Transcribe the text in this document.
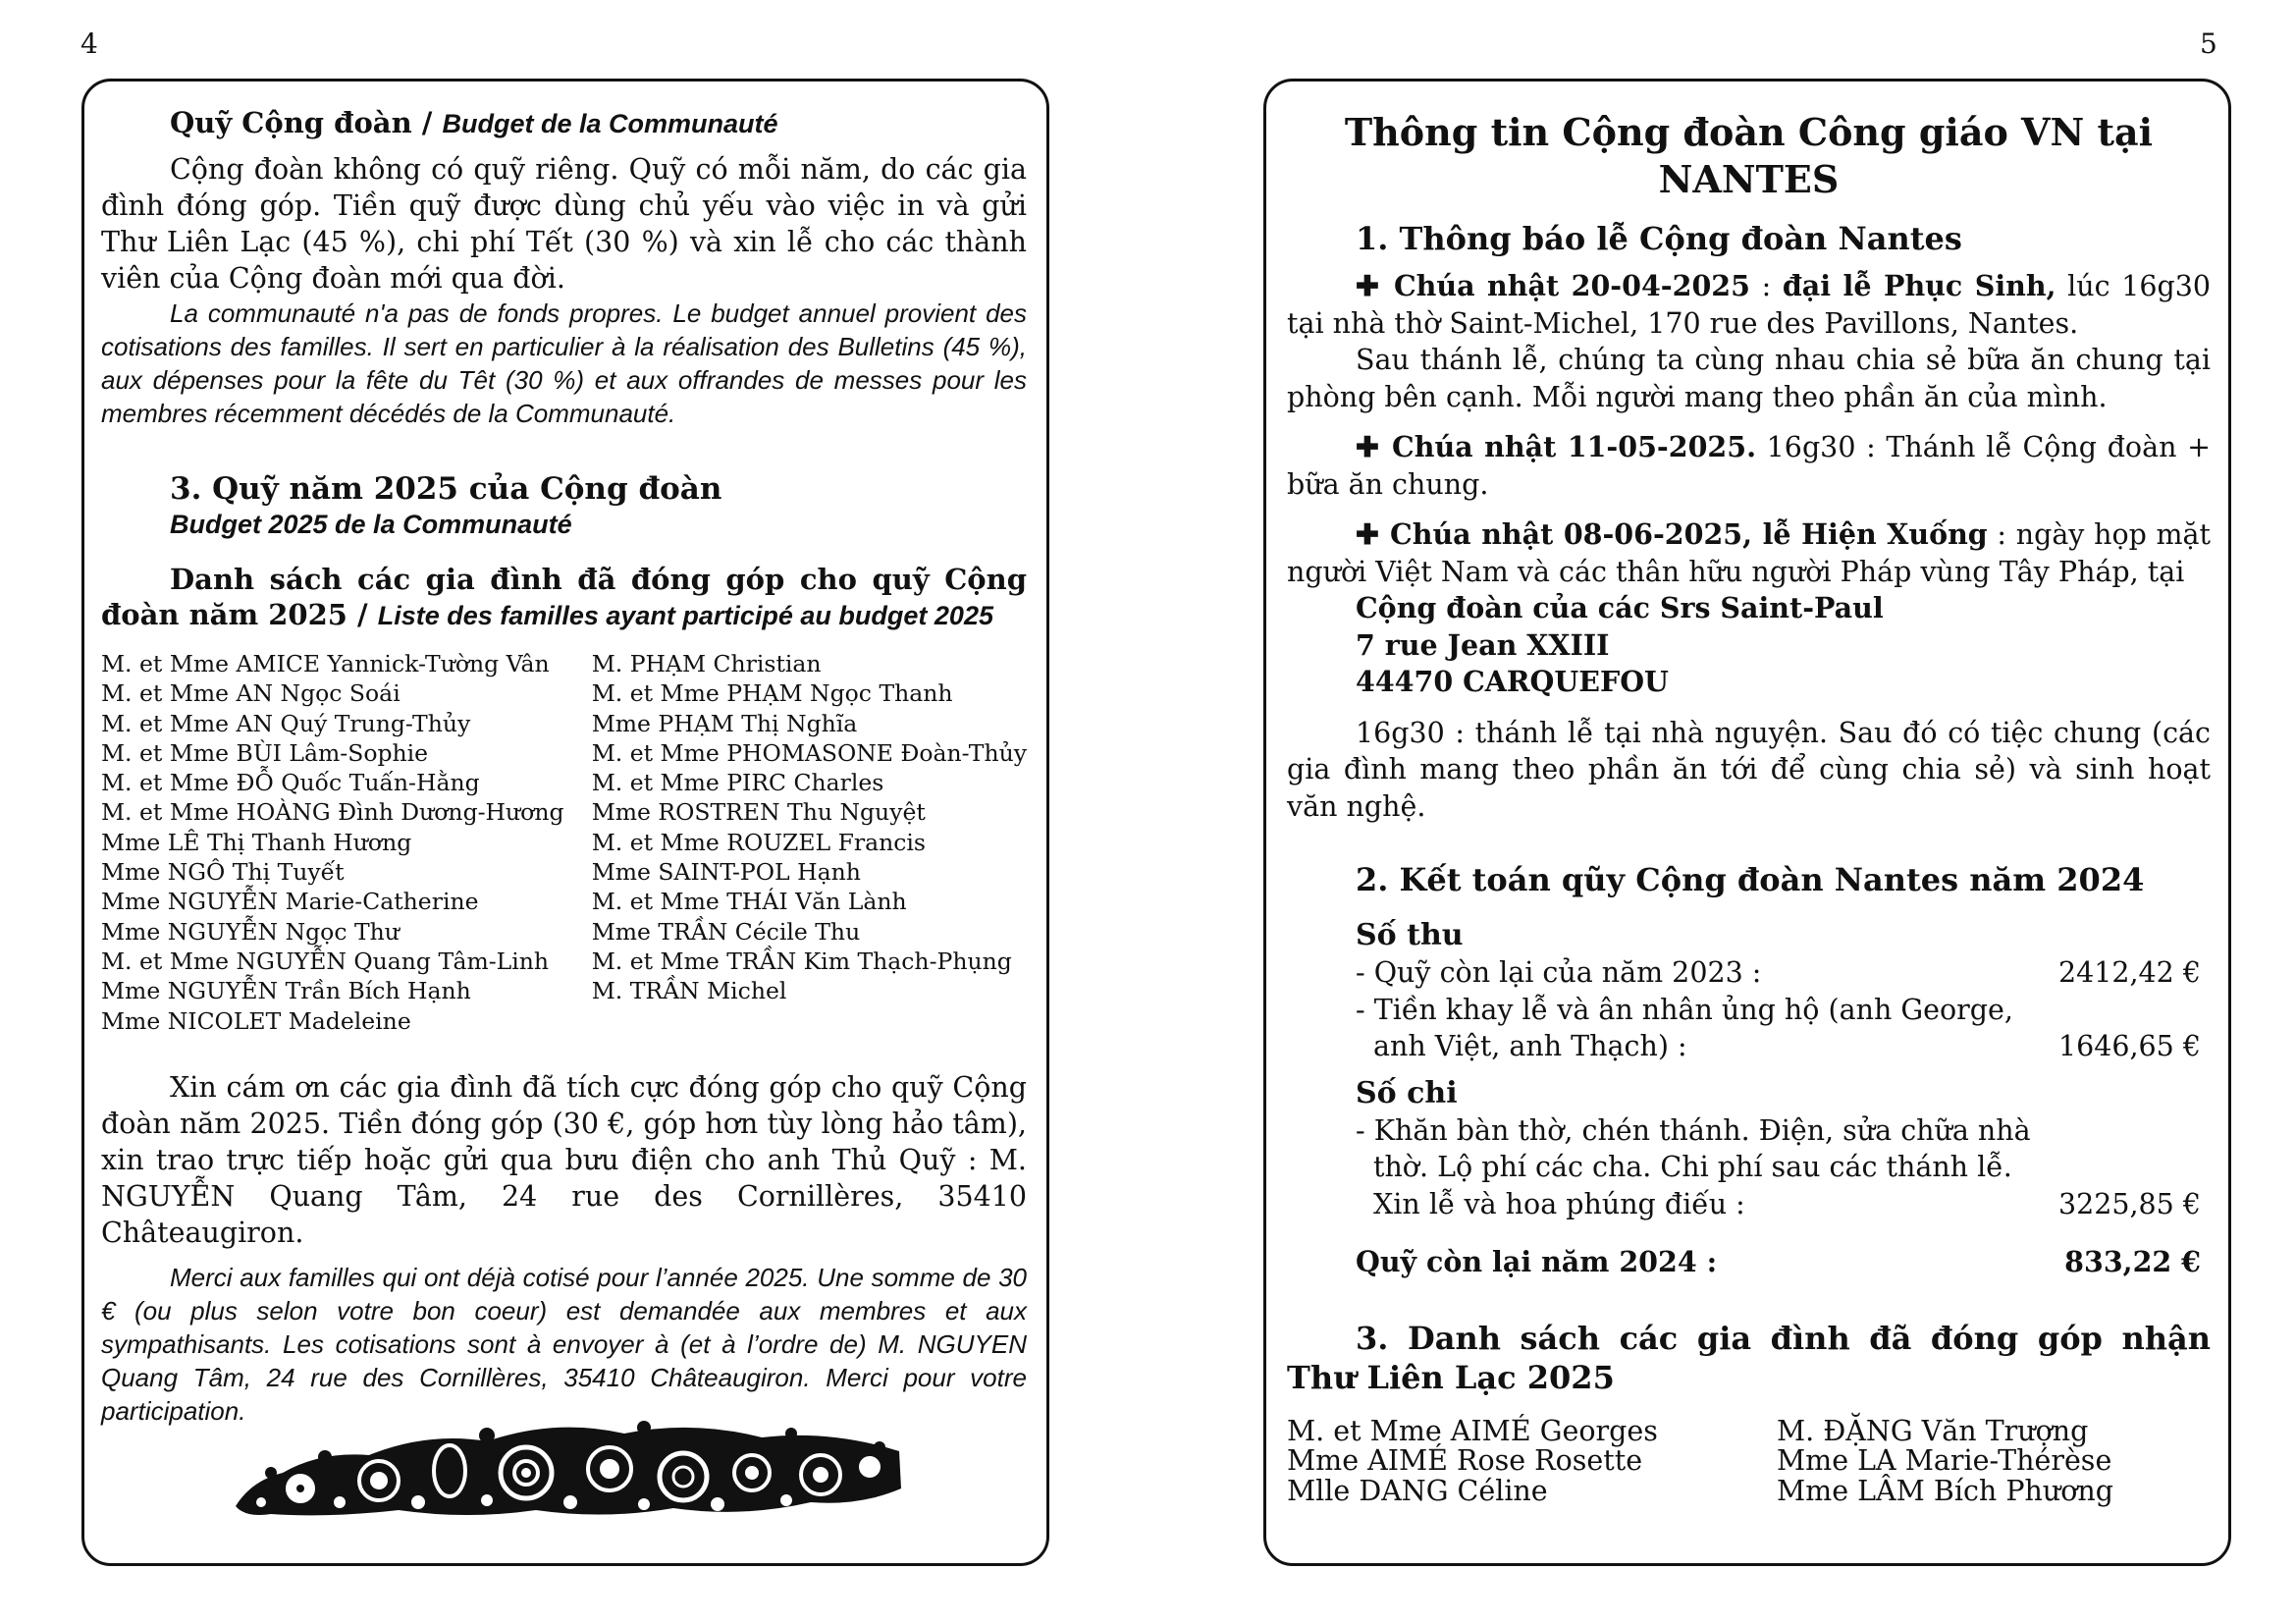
4	5
Quỹ Cộng đoàn / Budget de la Communauté

Cộng đoàn không có quỹ riêng. Quỹ có mỗi năm, do các gia đình đóng góp. Tiền quỹ được dùng chủ yếu vào việc in và gửi Thư Liên Lạc (45 %), chi phí Tết (30 %) và xin lễ cho các thành viên của Cộng đoàn mới qua đời.

La communauté n'a pas de fonds propres. Le budget annuel provient des cotisations des familles. Il sert en particulier à la réalisation des Bulletins (45 %), aux dépenses pour la fête du Têt (30 %) et aux offrandes de messes pour les membres récemment décédés de la Communauté.

3. Quỹ năm 2025 của Cộng đoàn
Budget 2025 de la Communauté
Danh sách các gia đình đã đóng góp cho quỹ Cộng đoàn năm 2025 / Liste des familles ayant participé au budget 2025
M. et Mme AMICE Yannick-Tường Vân
M. et Mme AN Ngọc Soái
M. et Mme AN Quý Trung-Thủy
M. et Mme BÙI Lâm-Sophie
M. et Mme ĐỖ Quốc Tuấn-Hằng
M. et Mme HOÀNG Đình Dương-Hương
Mme LÊ Thị Thanh Hương
Mme NGÔ Thị Tuyết
Mme NGUYỄN Marie-Catherine
Mme NGUYỄN Ngọc Thư
M. et Mme NGUYỄN Quang Tâm-Linh
Mme NGUYỄN Trần Bích Hạnh
Mme NICOLET Madeleine
M. PHẠM Christian
M. et Mme PHẠM Ngọc Thanh
Mme PHẠM Thị Nghĩa
M. et Mme PHOMASONE Đoàn-Thủy
M. et Mme PIRC Charles
Mme ROSTREN Thu Nguyệt
M. et Mme ROUZEL Francis
Mme SAINT-POL Hạnh
M. et Mme THÁI Văn Lành
Mme TRẦN Cécile Thu
M. et Mme TRẦN Kim Thạch-Phụng
M. TRẦN Michel

Xin cám ơn các gia đình đã tích cực đóng góp cho quỹ Cộng đoàn năm 2025. Tiền đóng góp (30 €, góp hơn tùy lòng hảo tâm), xin trao trực tiếp hoặc gửi qua bưu điện cho anh Thủ Quỹ : M. NGUYỄN Quang Tâm, 24 rue des Cornillères, 35410 Châteaugiron.

Merci aux familles qui ont déjà cotisé pour l’année 2025. Une somme de 30 € (ou plus selon votre bon coeur) est demandée aux membres et aux sympathisants. Les cotisations sont à envoyer à (et à l’ordre de) M. NGUYEN Quang Tâm, 24 rue des Cornillères, 35410 Châteaugiron. Merci pour votre participation.

Thông tin Cộng đoàn Công giáo VN tại NANTES

1. Thông báo lễ Cộng đoàn Nantes

✚ Chúa nhật 20-04-2025 : đại lễ Phục Sinh, lúc 16g30 tại nhà thờ Saint-Michel, 170 rue des Pavillons, Nantes.

Sau thánh lễ, chúng ta cùng nhau chia sẻ bữa ăn chung tại phòng bên cạnh. Mỗi người mang theo phần ăn của mình.

✚ Chúa nhật 11-05-2025. 16g30 : Thánh lễ Cộng đoàn + bữa ăn chung.

✚ Chúa nhật 08-06-2025, lễ Hiện Xuống : ngày họp mặt người Việt Nam và các thân hữu người Pháp vùng Tây Pháp, tại

Cộng đoàn của các Srs Saint-Paul
7 rue Jean XXIII
44470 CARQUEFOU

16g30 : thánh lễ tại nhà nguyện. Sau đó có tiệc chung (các gia đình mang theo phần ăn tới để cùng chia sẻ) và sinh hoạt văn nghệ.

2. Kết toán qũy Cộng đoàn Nantes năm 2024
Số thu
- Quỹ còn lại của năm 2023 :	2412,42 €
- Tiền khay lễ và ân nhân ủng hộ (anh George,
anh Việt, anh Thạch) :	1646,65 €
Số chi
- Khăn bàn thờ, chén thánh. Điện, sửa chữa nhà
thờ. Lộ phí các cha. Chi phí sau các thánh lễ.
Xin lễ và hoa phúng điếu :	3225,85 €
Quỹ còn lại năm 2024 :	833,22 €
3. Danh sách các gia đình đã đóng góp nhận Thư Liên Lạc 2025
M. et Mme AIMÉ Georges
Mme AIMÉ Rose Rosette
Mlle DANG Céline
M. ĐẶNG Văn Trượng
Mme LA Marie-Thérèse
Mme LÂM Bích Phương
